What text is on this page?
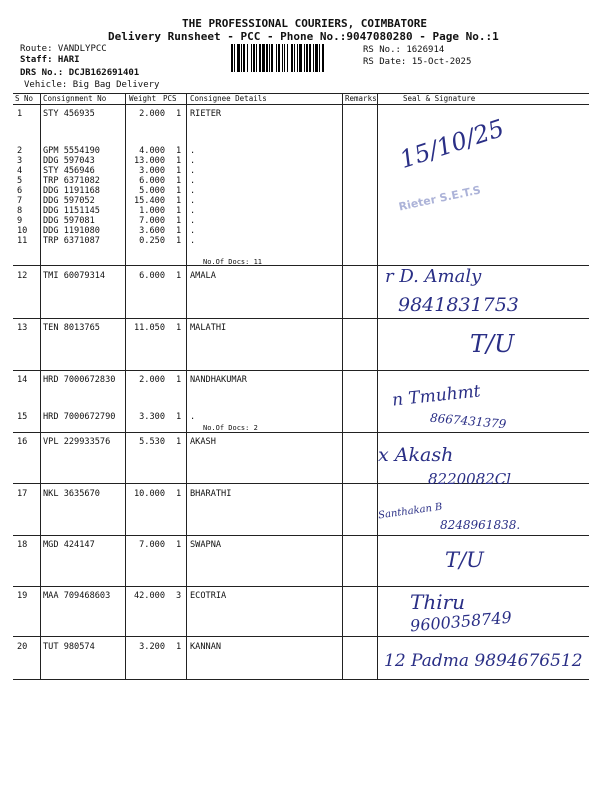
THE PROFESSIONAL COURIERS, COIMBATORE
Delivery Runsheet - PCC - Phone No.:9047080280 - Page No.:1
Route: VANDLYPCC
Staff: HARI
DRS No.: DCJB162691401
Vehicle: Big Bag Delivery
RS No.: 1626914
RS Date: 15-Oct-2025
S No Consignment No	Weight PCS Consignee Details	Remarks	Seal & Signature
1 STY 456935	2.000 1 RIETER
2 GPM 5554190	4.000 1 .
3 DDG 597043	13.000 1 .
4 STY 456946	3.000 1 .
5 TRP 6371082	6.000 1 .
6 DDG 1191168	5.000 1 .
7 DDG 597052	15.400 1 .
8 DDG 1151145	1.000 1 .
9 DDG 597081	7.000 1 .
10 DDG 1191080	3.600 1 .
11 TRP 6371087	0.250 1 .
No.Of Docs: 11
15/10/25
Rieter S.E.T.S
12 TMI 60079314	6.000 1 AMALA	r D. Amaly
9841831753
13 TEN 8013765	11.050 1 MALATHI
T/U
14 HRD 7000672830	2.000 1 NANDHAKUMAR
15 HRD 7000672790	3.300 1 .
No.Of Docs: 2
n Tmuhmt
8667431379
16 VPL 229933576	5.530 1 AKASH
x Akash
8220082Cl
17 NKL 3635670	10.000 1 BHARATHI
Santhakan B
8248961838.
18 MGD 424147	7.000 1 SWAPNA
T/U
19 MAA 709468603	42.000 3 ECOTRIA	Thiru
9600358749
20 TUT 980574	3.200 1 KANNAN
12 Padma 9894676512
